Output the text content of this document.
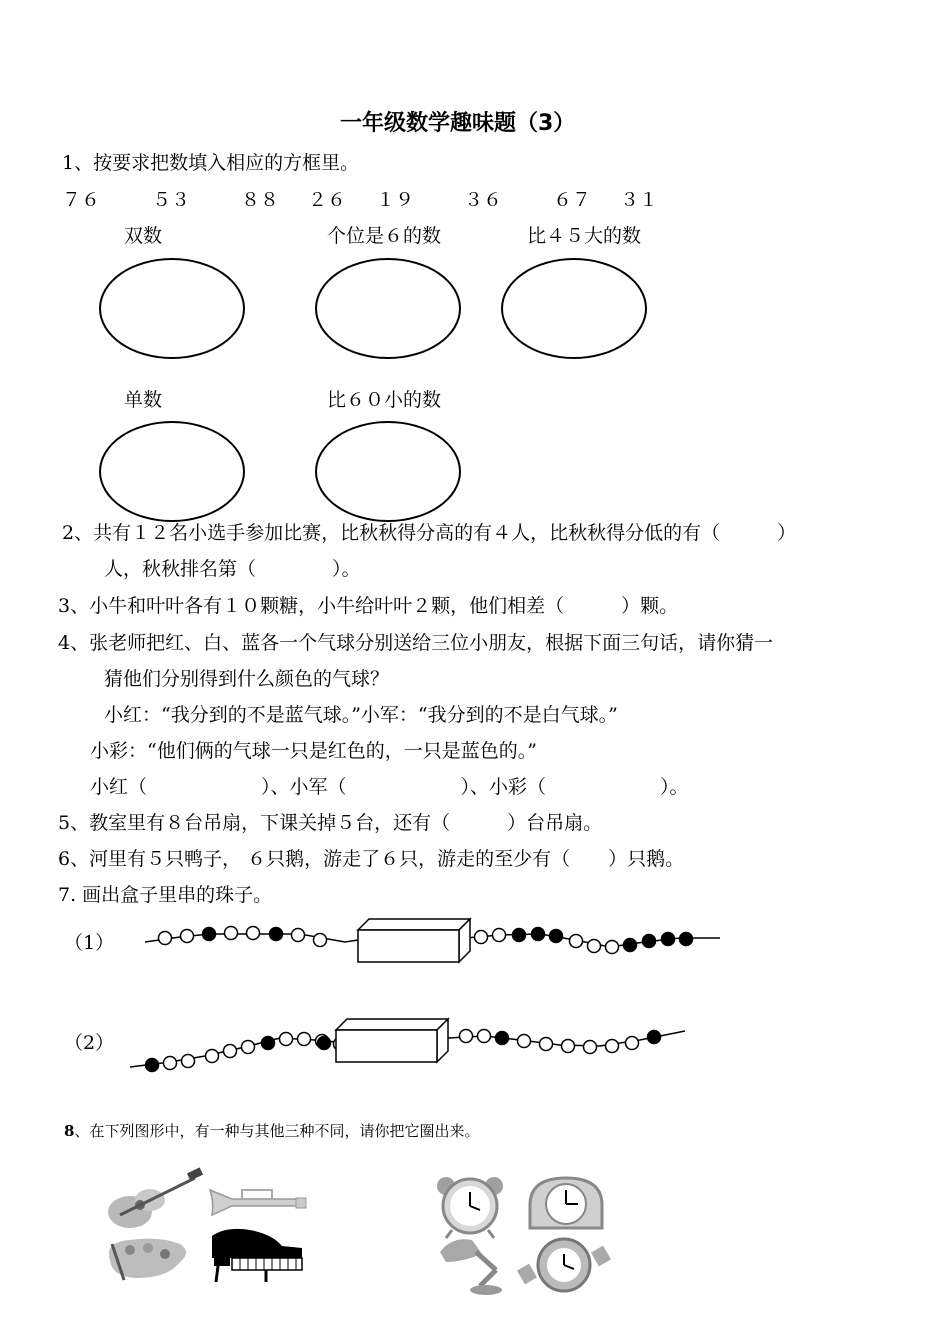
一年级数学趣味题（3）
1、按要求把数填入相应的方框里。
７６	５３	８８ ２６ １９	３６	６７ ３１
双数	个位是６的数	比４５大的数
单数	比６０小的数
2、共有１２名小选手参加比赛，比秋秋得分高的有４人，比秋秋得分低的有（　　　）
人，秋秋排名第（　　　　）。
3、小牛和叶叶各有１０颗糖，小牛给叶叶２颗，他们相差（　　　）颗。
4、张老师把红、白、蓝各一个气球分别送给三位小朋友，根据下面三句话，请你猜一
猜他们分别得到什么颜色的气球？
小红：“我分到的不是蓝气球。”小军：“我分到的不是白气球。”
小彩：“他们俩的气球一只是红色的，一只是蓝色的。”
小红（　　　　　　）、小军（　　　　　　）、小彩（　　　　　　）。
5、教室里有８台吊扇，下课关掉５台，还有（　　　）台吊扇。
6、河里有５只鸭子， ６只鹅，游走了６只，游走的至少有（　　）只鹅。
7. 画出盒子里串的珠子。
（1）
（2）
8、在下列图形中，有一种与其他三种不同，请你把它圈出来。
